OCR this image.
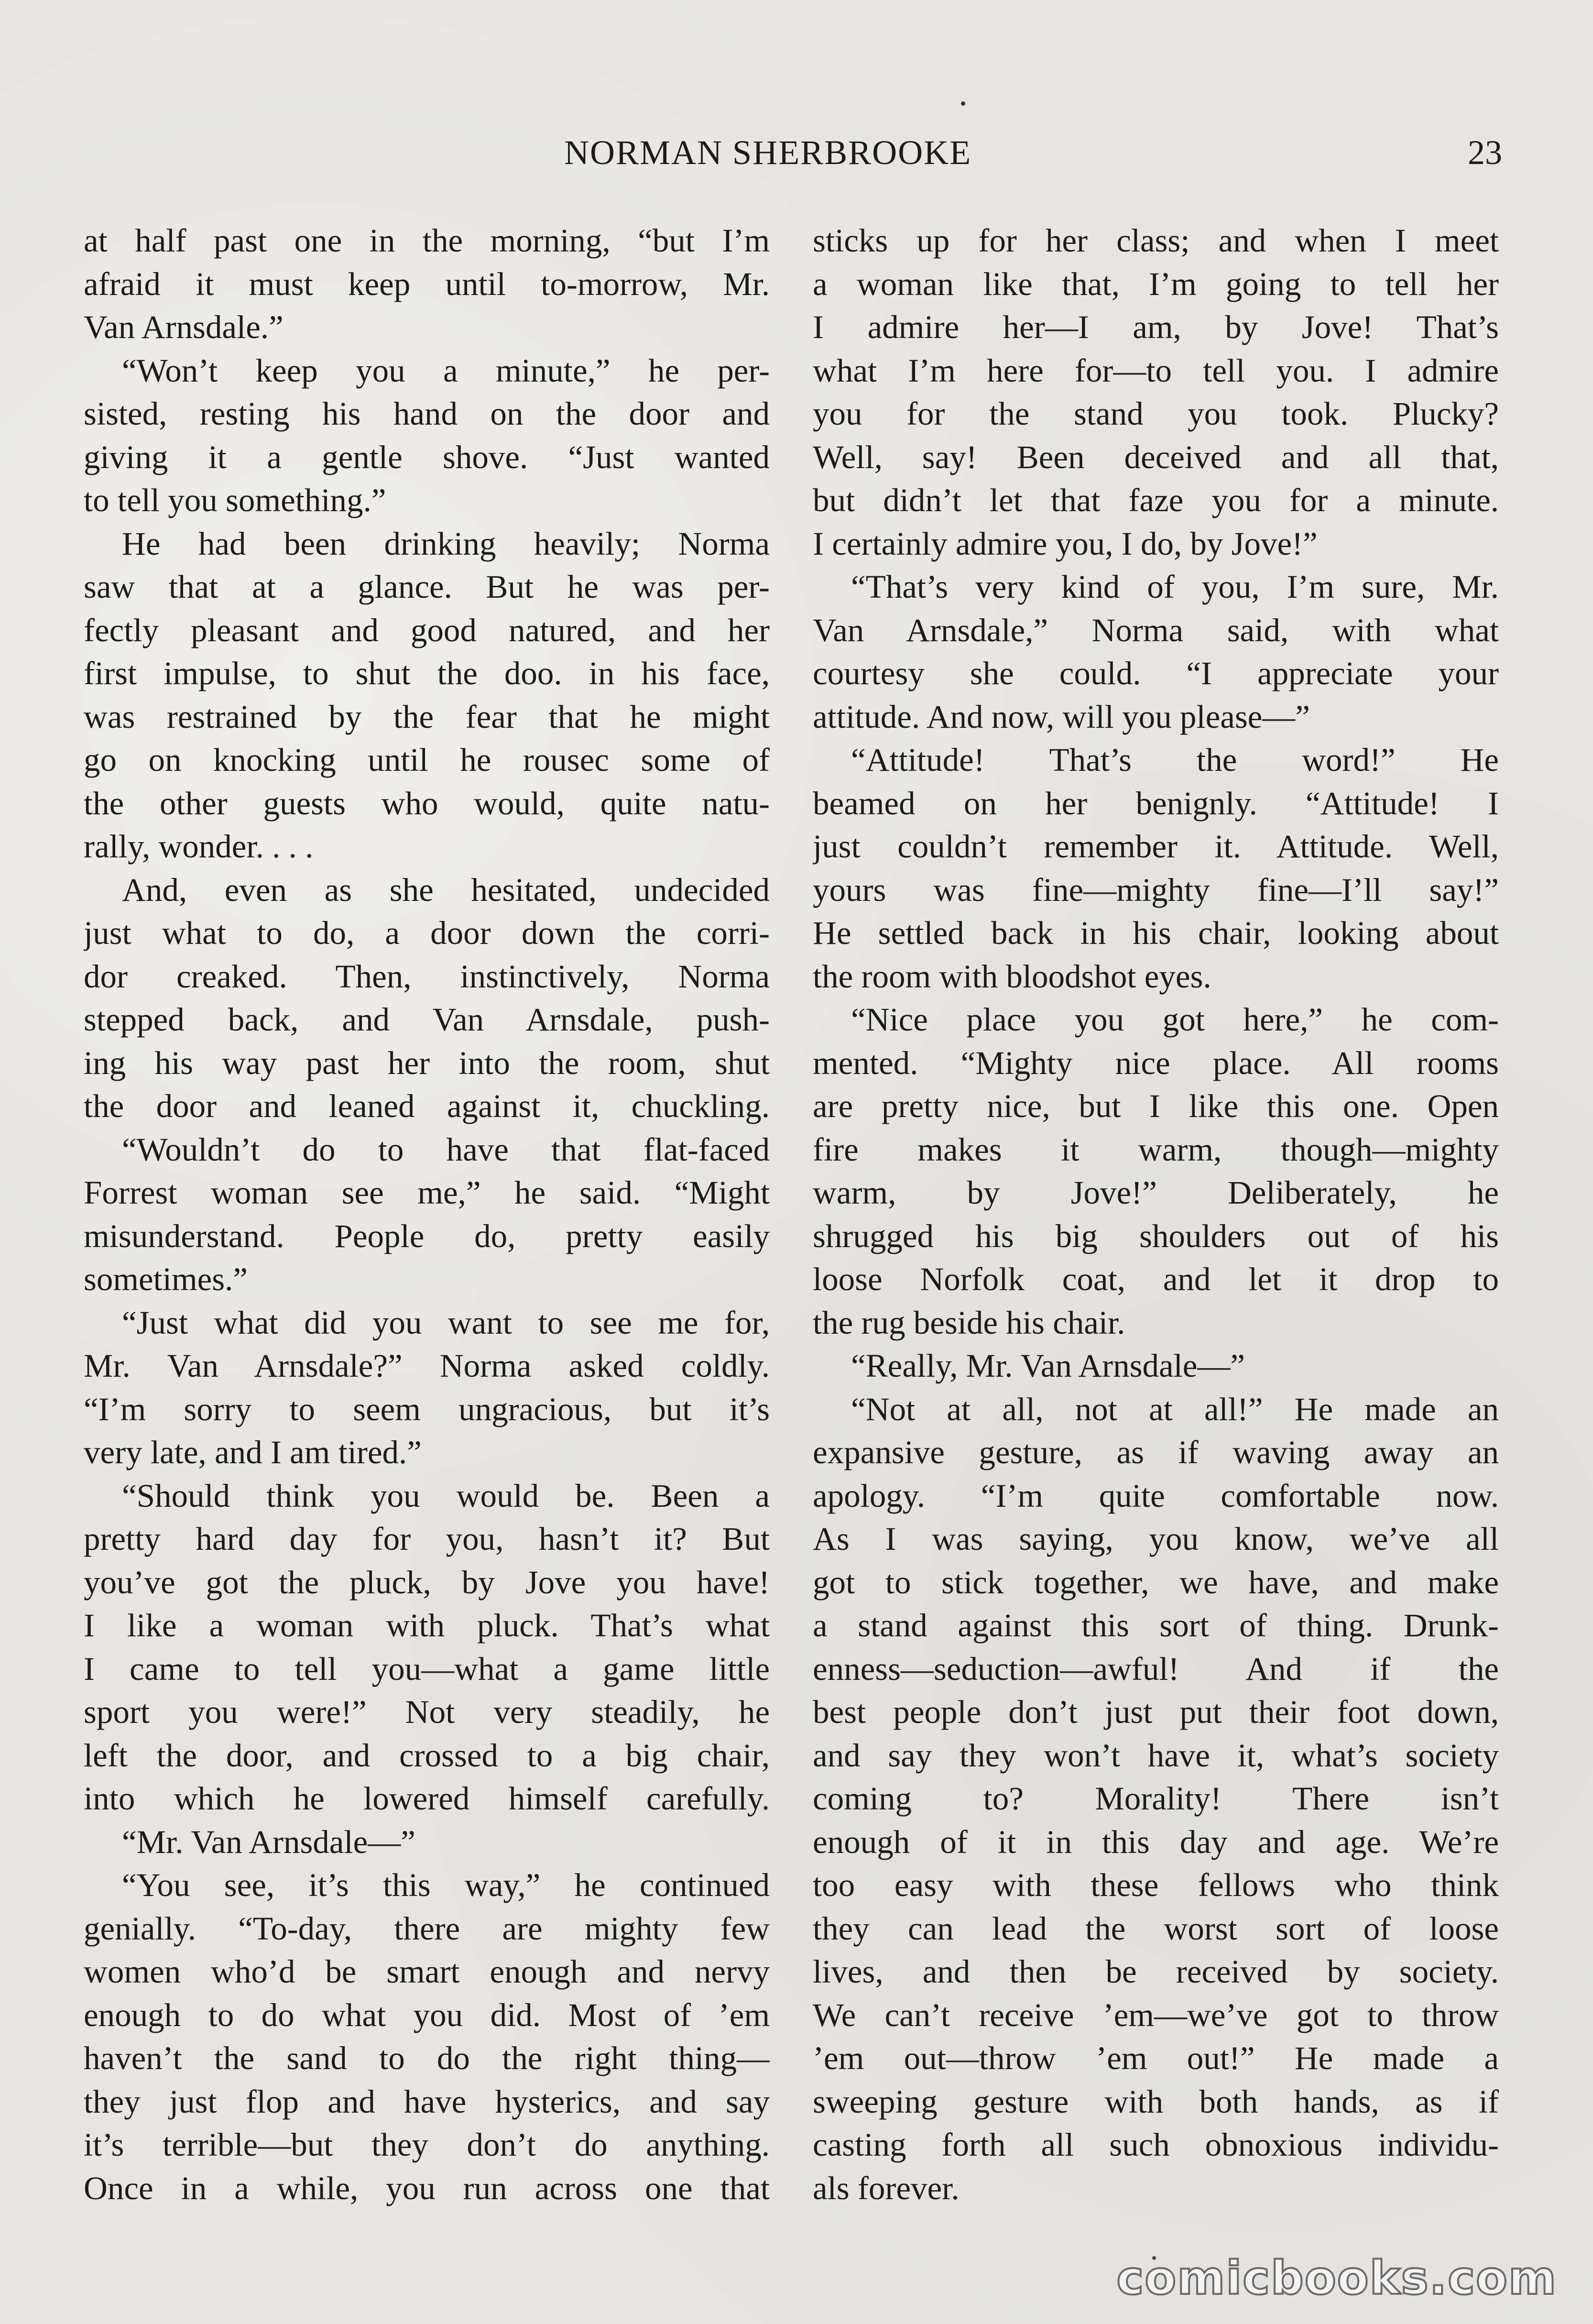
NORMAN SHERBROOKE	23
at half past one in the morning, “but I’m
afraid it must keep until to-morrow, Mr.
Van Arnsdale.”
“Won’t keep you a minute,” he per-
sisted, resting his hand on the door and
giving it a gentle shove. “Just wanted
to tell you something.”
He had been drinking heavily; Norma
saw that at a glance. But he was per-
fectly pleasant and good natured, and her
first impulse, to shut the doo. in his face,
was restrained by the fear that he might
go on knocking until he rousec some of
the other guests who would, quite natu-
rally, wonder. . . .
And, even as she hesitated, undecided
just what to do, a door down the corri-
dor creaked. Then, instinctively, Norma
stepped back, and Van Arnsdale, push-
ing his way past her into the room, shut
the door and leaned against it, chuckling.
“Wouldn’t do to have that flat-faced
Forrest woman see me,” he said. “Might
misunderstand. People do, pretty easily
sometimes.”
“Just what did you want to see me for,
Mr. Van Arnsdale?” Norma asked coldly.
“I’m sorry to seem ungracious, but it’s
very late, and I am tired.”
“Should think you would be. Been a
pretty hard day for you, hasn’t it? But
you’ve got the pluck, by Jove you have!
I like a woman with pluck. That’s what
I came to tell you—what a game little
sport you were!” Not very steadily, he
left the door, and crossed to a big chair,
into which he lowered himself carefully.
“Mr. Van Arnsdale—”
“You see, it’s this way,” he continued
genially. “To-day, there are mighty few
women who’d be smart enough and nervy
enough to do what you did. Most of ’em
haven’t the sand to do the right thing—
they just flop and have hysterics, and say
it’s terrible—but they don’t do anything.
Once in a while, you run across one that
sticks up for her class; and when I meet
a woman like that, I’m going to tell her
I admire her—I am, by Jove! That’s
what I’m here for—to tell you. I admire
you for the stand you took. Plucky?
Well, say! Been deceived and all that,
but didn’t let that faze you for a minute.
I certainly admire you, I do, by Jove!”
“That’s very kind of you, I’m sure, Mr.
Van Arnsdale,” Norma said, with what
courtesy she could. “I appreciate your
attitude. And now, will you please—”
“Attitude! That’s the word!” He
beamed on her benignly. “Attitude! I
just couldn’t remember it. Attitude. Well,
yours was fine—mighty fine—I’ll say!”
He settled back in his chair, looking about
the room with bloodshot eyes.
“Nice place you got here,” he com-
mented. “Mighty nice place. All rooms
are pretty nice, but I like this one. Open
fire makes it warm, though—mighty
warm, by Jove!” Deliberately, he
shrugged his big shoulders out of his
loose Norfolk coat, and let it drop to
the rug beside his chair.
“Really, Mr. Van Arnsdale—”
“Not at all, not at all!” He made an
expansive gesture, as if waving away an
apology. “I’m quite comfortable now.
As I was saying, you know, we’ve all
got to stick together, we have, and make
a stand against this sort of thing. Drunk-
enness—seduction—awful! And if the
best people don’t just put their foot down,
and say they won’t have it, what’s society
coming to? Morality! There isn’t
enough of it in this day and age. We’re
too easy with these fellows who think
they can lead the worst sort of loose
lives, and then be received by society.
We can’t receive ’em—we’ve got to throw
’em out—throw ’em out!” He made a
sweeping gesture with both hands, as if
casting forth all such obnoxious individu-
als forever.
comicbooks.com
